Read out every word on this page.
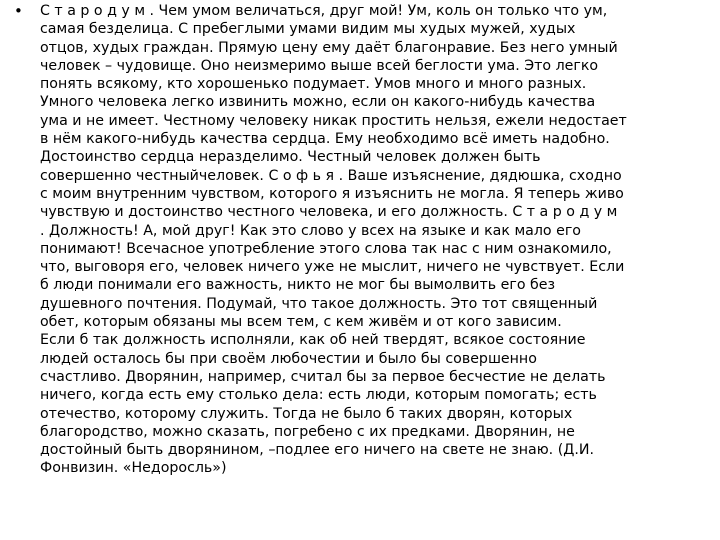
• С т а р о д у м . Чем умом величаться, друг мой! Ум, коль он только что ум,
самая безделица. С пребеглыми умами видим мы худых мужей, худых
отцов, худых граждан. Прямую цену ему даёт благонравие. Без него умный
человек – чудовище. Оно неизмеримо выше всей беглости ума. Это легко
понять всякому, кто хорошенько подумает. Умов много и много разных.
Умного человека легко извинить можно, если он какого-нибудь качества
ума и не имеет. Честному человеку никак простить нельзя, ежели недостает
в нём какого-нибудь качества сердца. Ему необходимо всё иметь надобно.
Достоинство сердца неразделимо. Честный человек должен быть
совершенно честныйчеловек. С о ф ь я . Ваше изъяснение, дядюшка, сходно
с моим внутренним чувством, которого я изъяснить не могла. Я теперь живо
чувствую и достоинство честного человека, и его должность. С т а р о д у м
. Должность! А, мой друг! Как это слово у всех на языке и как мало его
понимают! Всечасное употребление этого слова так нас с ним ознакомило,
что, выговоря его, человек ничего уже не мыслит, ничего не чувствует. Если
б люди понимали его важность, никто не мог бы вымолвить его без
душевного почтения. Подумай, что такое должность. Это тот священный
обет, которым обязаны мы всем тем, с кем живём и от кого зависим.
Если б так должность исполняли, как об ней твердят, всякое состояние
людей осталось бы при своём любочестии и было бы совершенно
счастливо. Дворянин, например, считал бы за первое бесчестие не делать
ничего, когда есть ему столько дела: есть люди, которым помогать; есть
отечество, которому служить. Тогда не было б таких дворян, которых
благородство, можно сказать, погребено с их предками. Дворянин, не
достойный быть дворянином, –подлее его ничего на свете не знаю. (Д.И.
Фонвизин. «Недоросль»)
